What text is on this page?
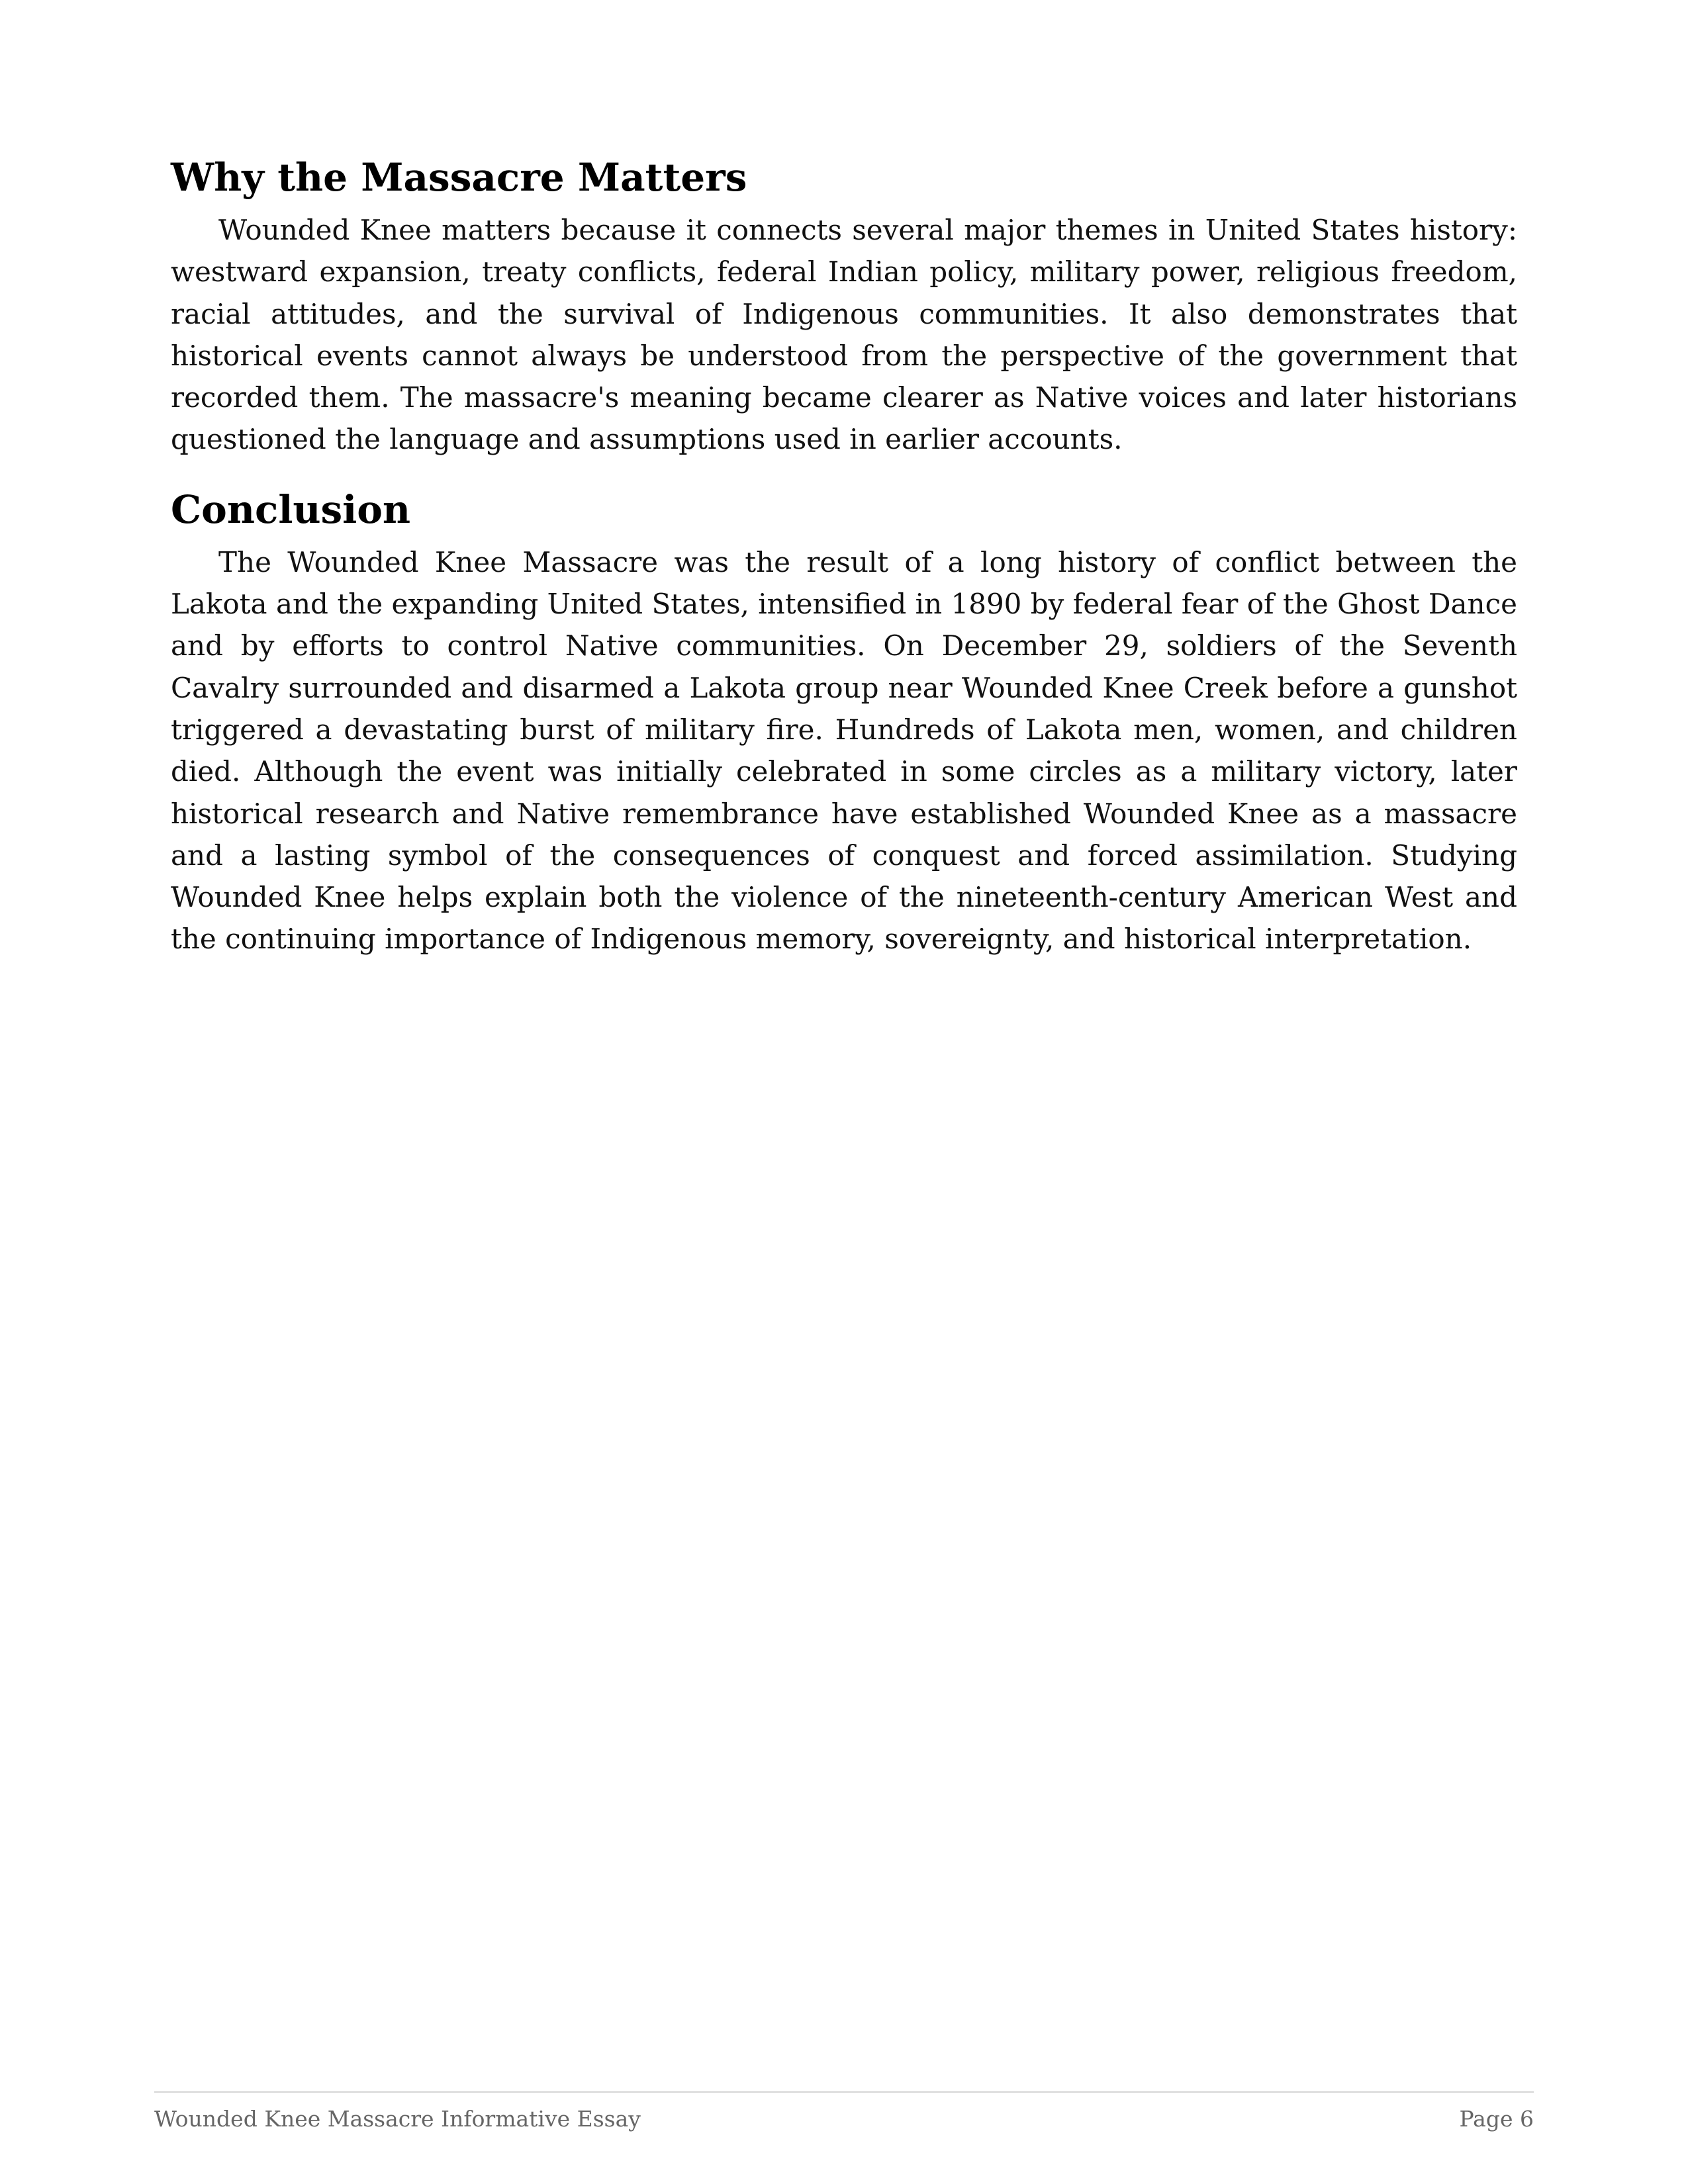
Why the Massacre Matters

Wounded Knee matters because it connects several major themes in United States history: westward expansion, treaty conflicts, federal Indian policy, military power, religious freedom, racial attitudes, and the survival of Indigenous communities. It also demonstrates that historical events cannot always be understood from the perspective of the government that recorded them. The massacre's meaning became clearer as Native voices and later historians questioned the language and assumptions used in earlier accounts.

Conclusion

The Wounded Knee Massacre was the result of a long history of conflict between the Lakota and the expanding United States, intensified in 1890 by federal fear of the Ghost Dance and by efforts to control Native communities. On December 29, soldiers of the Seventh Cavalry surrounded and disarmed a Lakota group near Wounded Knee Creek before a gunshot triggered a devastating burst of military fire. Hundreds of Lakota men, women, and children died. Although the event was initially celebrated in some circles as a military victory, later historical research and Native remembrance have established Wounded Knee as a massacre and a lasting symbol of the consequences of conquest and forced assimilation. Studying Wounded Knee helps explain both the violence of the nineteenth-century American West and the continuing importance of Indigenous memory, sovereignty, and historical interpretation.

Wounded Knee Massacre Informative Essay	Page 6
